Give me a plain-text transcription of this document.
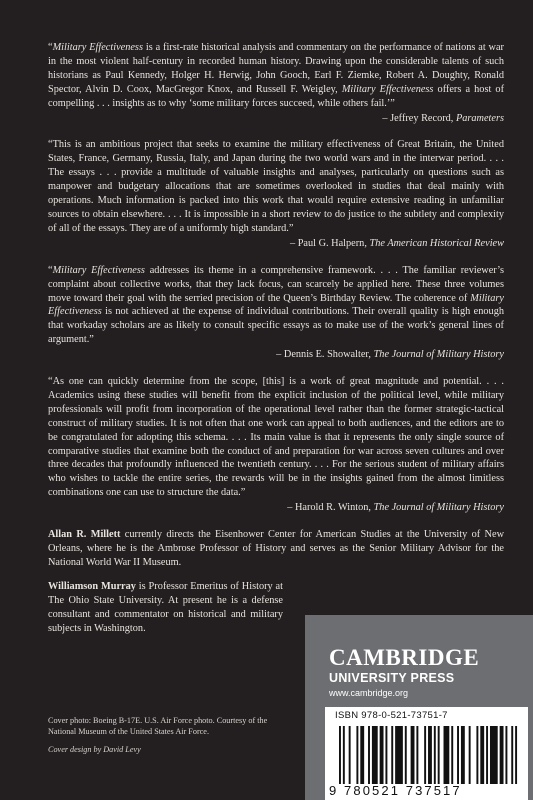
“Military Effectiveness is a first-rate historical analysis and commentary on the performance of nations at war in the most violent half-century in recorded human history. Drawing upon the considerable talents of such historians as Paul Kennedy, Holger H. Herwig, John Gooch, Earl F. Ziemke, Robert A. Doughty, Ronald Spector, Alvin D. Coox, MacGregor Knox, and Russell F. Weigley, Military Effectiveness offers a host of compelling . . . insights as to why ‘some military forces succeed, while others fail.’”
– Jeffrey Record, Parameters

“This is an ambitious project that seeks to examine the military effectiveness of Great Britain, the United States, France, Germany, Russia, Italy, and Japan during the two world wars and in the interwar period. . . . The essays . . . provide a multitude of valuable insights and analyses, particularly on questions such as manpower and budgetary allocations that are sometimes overlooked in studies that deal mainly with operations. Much information is packed into this work that would require extensive reading in unfamiliar sources to obtain elsewhere. . . . It is impossible in a short review to do justice to the subtlety and complexity of all of the essays. They are of a uniformly high standard.”
– Paul G. Halpern, The American Historical Review

“Military Effectiveness addresses its theme in a comprehensive framework. . . . The familiar reviewer’s complaint about collective works, that they lack focus, can scarcely be applied here. These three volumes move toward their goal with the serried precision of the Queen’s Birthday Review. The coherence of Military Effectiveness is not achieved at the expense of individual contributions. Their overall quality is high enough that workaday scholars are as likely to consult specific essays as to make use of the work’s general lines of argument.”
– Dennis E. Showalter, The Journal of Military History

“As one can quickly determine from the scope, [this] is a work of great magnitude and potential. . . . Academics using these studies will benefit from the explicit inclusion of the political level, while military professionals will profit from incorporation of the operational level rather than the former strategic-tactical construct of military studies. It is not often that one work can appeal to both audiences, and the editors are to be congratulated for adopting this schema. . . . Its main value is that it represents the only single source of comparative studies that examine both the conduct of and preparation for war across seven cultures and over three decades that profoundly influenced the twentieth century. . . . For the serious student of military affairs who wishes to tackle the entire series, the rewards will be in the insights gained from the almost limitless combinations one can use to structure the data.”
– Harold R. Winton, The Journal of Military History

Allan R. Millett currently directs the Eisenhower Center for American Studies at the University of New Orleans, where he is the Ambrose Professor of History and serves as the Senior Military Advisor for the National World War II Museum.

Williamson Murray is Professor Emeritus of History at The Ohio State University. At present he is a defense consultant and commentator on historical and military subjects in Washington.

Cover photo: Boeing B-17E. U.S. Air Force photo. Courtesy of the National Museum of the United States Air Force.

Cover design by David Levy

CAMBRIDGE
UNIVERSITY PRESS
www.cambridge.org
ISBN 978-0-521-73751-7
9 780521 737517
